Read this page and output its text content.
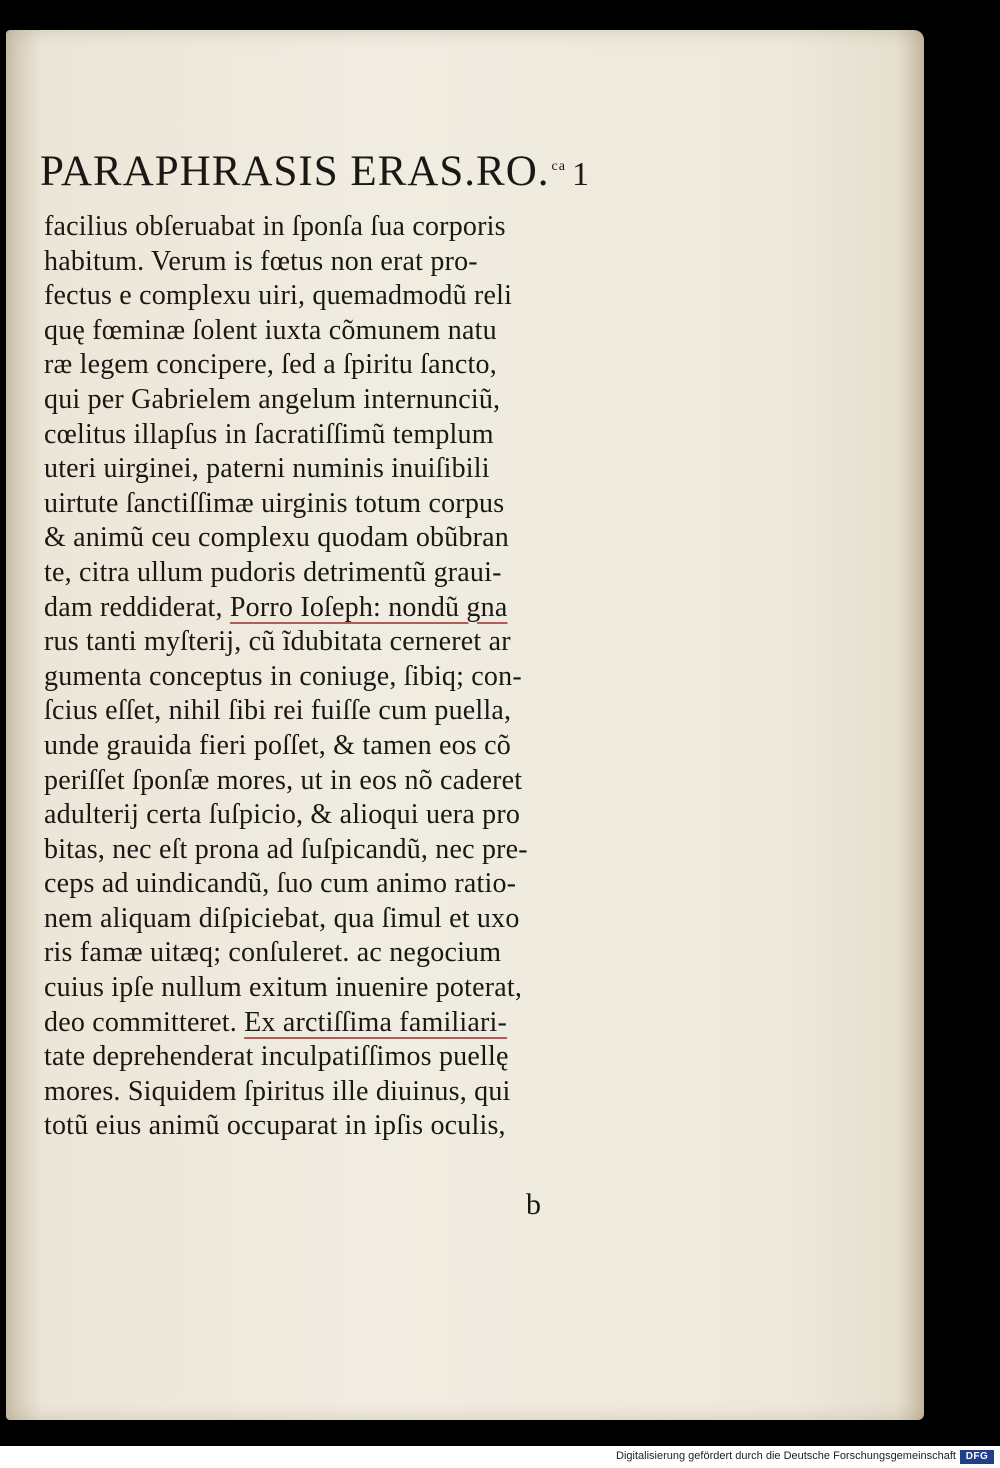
PARAPHRASIS ERAS.RO. $^{ca}$ 1
facilius obſeruabat in ſponſa ſua corporis
habitum. Verum is fœtus non erat pro-
fectus e complexu uiri, quemadmodũ reli
quę fœminæ ſolent iuxta cõmunem natu
ræ legem concipere, ſed a ſpiritu ſancto,
qui per Gabrielem angelum internunciũ,
cœlitus illapſus in ſacratiſſimũ templum
uteri uirginei, paterni numinis inuiſibili
uirtute ſanctiſſimæ uirginis totum corpus
& animũ ceu complexu quodam obũbran
te, citra ullum pudoris detrimentũ graui-
dam reddiderat, Porro Ioſeph: nondũ gna
rus tanti myſterij, cũ ĩdubitata cerneret ar
gumenta conceptus in coniuge, ſibiq; con-
ſcius eſſet, nihil ſibi rei fuiſſe cum puella,
unde grauida fieri poſſet, & tamen eos cõ
periſſet ſponſæ mores, ut in eos nõ caderet
adulterij certa ſuſpicio, & alioqui uera pro
bitas, nec eſt prona ad ſuſpicandũ, nec pre-
ceps ad uindicandũ, ſuo cum animo ratio-
nem aliquam diſpiciebat, qua ſimul et uxo
ris famæ uitæq; conſuleret. ac negocium
cuius ipſe nullum exitum inuenire poterat,
deo committeret. Ex arctiſſima familiari-
tate deprehenderat inculpatiſſimos puellę
mores. Siquidem ſpiritus ille diuinus, qui
totũ eius animũ occuparat in ipſis oculis,
b
Digitalisierung gefördert durch die Deutsche Forschungsgemeinschaft DFG
